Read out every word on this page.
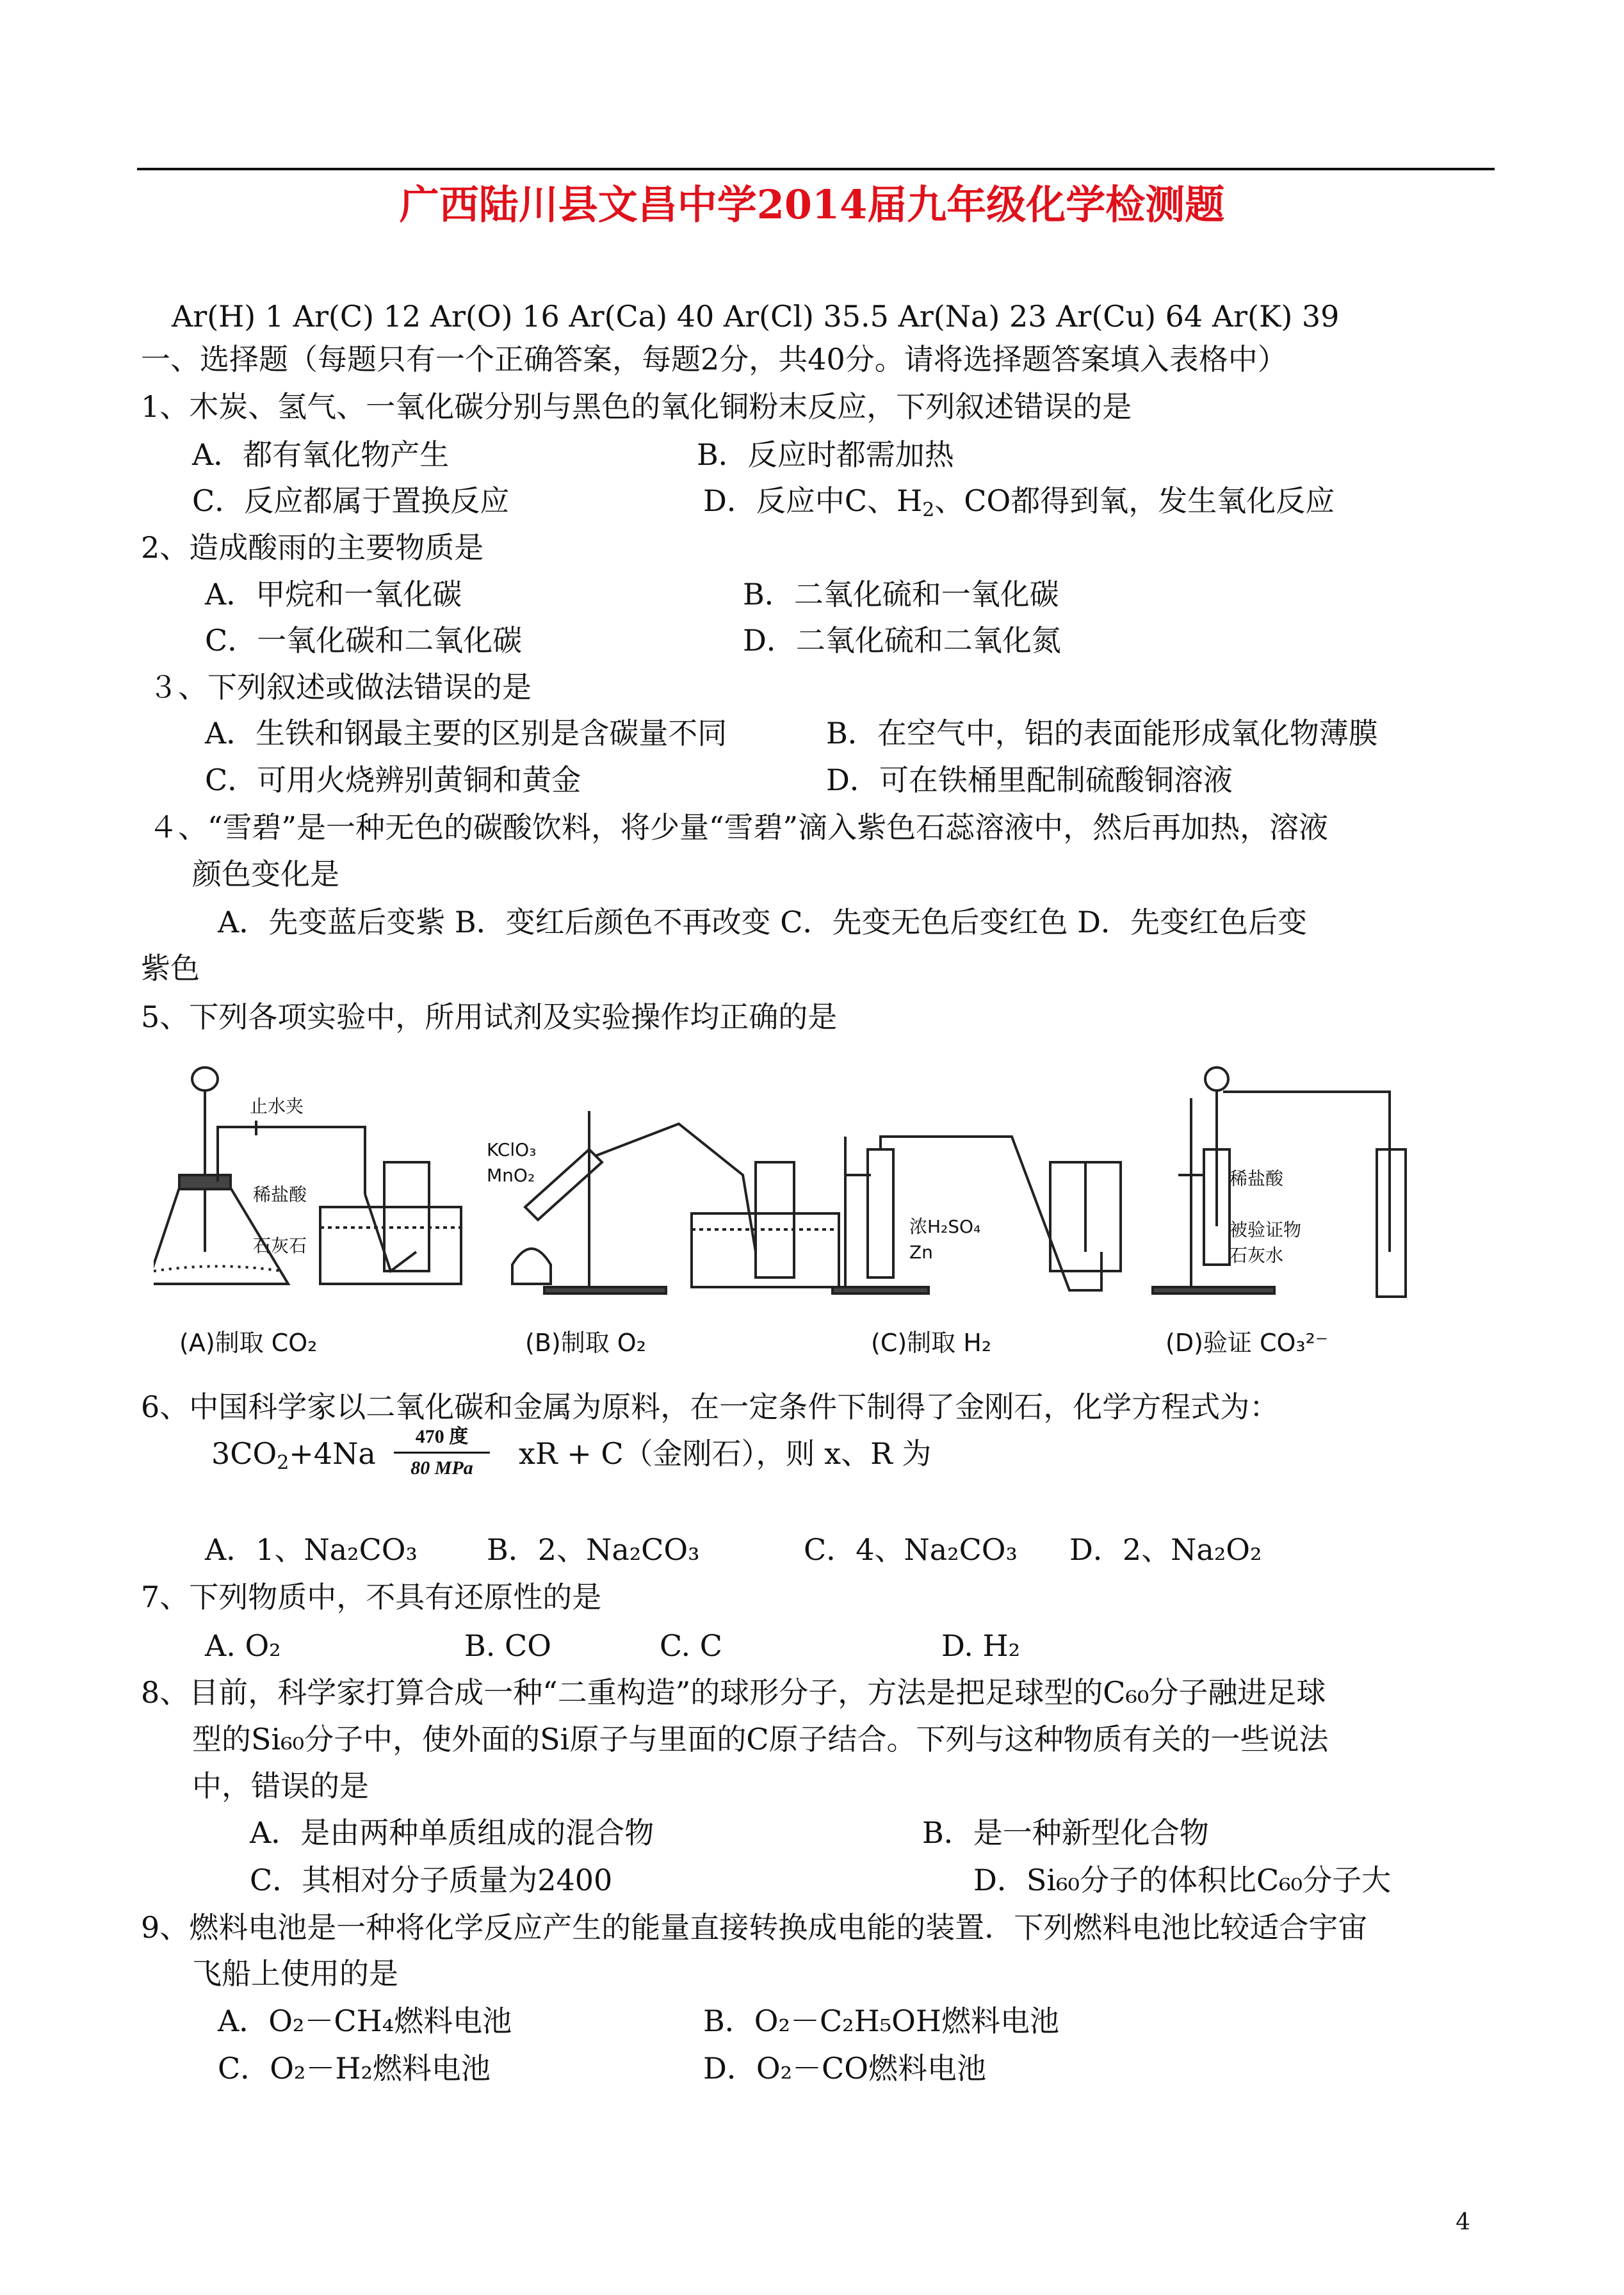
广西陆川县文昌中学2014届九年级化学检测题
Ar(H) 1 Ar(C) 12 Ar(O) 16 Ar(Ca) 40 Ar(Cl) 35.5 Ar(Na) 23 Ar(Cu) 64 Ar(K) 39
一、选择题（每题只有一个正确答案，每题2分，共40分。请将选择题答案填入表格中）
1、木炭、氢气、一氧化碳分别与黑色的氧化铜粉末反应，下列叙述错误的是
A．都有氧化物产生	B．反应时都需加热
C．反应都属于置换反应	D．反应中C、$H_2$、CO都得到氧，发生氧化反应
2、造成酸雨的主要物质是
A．甲烷和一氧化碳	B．二氧化硫和一氧化碳
C．一氧化碳和二氧化碳	D．二氧化硫和二氧化氮
３、下列叙述或做法错误的是
A．生铁和钢最主要的区别是含碳量不同	B．在空气中，铝的表面能形成氧化物薄膜
C．可用火烧辨别黄铜和黄金	D．可在铁桶里配制硫酸铜溶液
４、“雪碧”是一种无色的碳酸饮料，将少量“雪碧”滴入紫色石蕊溶液中，然后再加热，溶液
颜色变化是
A．先变蓝后变紫 B．变红后颜色不再改变 C．先变无色后变红色 D．先变红色后变
紫色
5、下列各项实验中，所用试剂及实验操作均正确的是
止水夹
稀盐酸
石灰石
(A)制取 CO₂
KClO₃
MnO₂
(B)制取 O₂
浓H₂SO₄
Zn
(C)制取 H₂
稀盐酸
被验证物
石灰水
(D)验证 CO₃²⁻
6、中国科学家以二氧化碳和金属为原料，在一定条件下制得了金刚石，化学方程式为：
$3CO_2+4Na$	470 度
80 MPa	xR + C（金刚石），则 x、R 为
A．1、Na₂CO₃ B．2、Na₂CO₃	C．4、Na₂CO₃ D．2、Na₂O₂
7、下列物质中，不具有还原性的是
A. O₂	B. CO	C. C	D. H₂
8、目前，科学家打算合成一种“二重构造”的球形分子，方法是把足球型的C₆₀分子融进足球
型的Si₆₀分子中，使外面的Si原子与里面的C原子结合。下列与这种物质有关的一些说法
中，错误的是
A．是由两种单质组成的混合物	B．是一种新型化合物
C．其相对分子质量为2400	D．Si₆₀分子的体积比C₆₀分子大
9、燃料电池是一种将化学反应产生的能量直接转换成电能的装置．下列燃料电池比较适合宇宙
飞船上使用的是
A．O₂－CH₄燃料电池	B．O₂－C₂H₅OH燃料电池
C．O₂－H₂燃料电池	D．O₂－CO燃料电池
4
